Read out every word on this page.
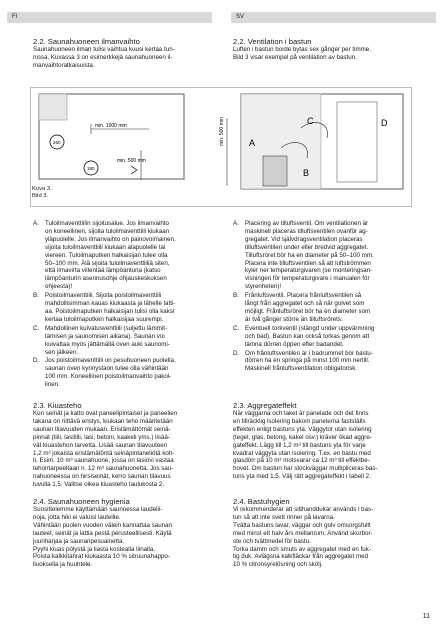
FI	SV

2.2. Saunahuoneen ilmanvaihto

Saunahuoneen ilman tulisi vaihtua kuusi kertaa tun-

nissa. Kuvassa 3 on esimerkkejä saunahuoneen il-

manvaihtoratkaisuista.

2.2. Ventilation i bastun

Luften i bastun borde bytas sex gånger per timme.

Bild 3 visar exempel på ventilation av bastun.

min. 1000 mm
min. 500 mm
260
180
min. 500 mm	A
B
C	D
Kuva 3.
Bild 3.
A. Tuloilmaventtiilin sijoitusalue. Jos ilmanvaihto

on koneellinen, sijoita tuloilmaventtiili kiukaan

yläpuolelle. Jos ilmanvaihto on painovoimainen,

sijoita tuloilmaventtiili kiukaan alapuolelle tai

viereen. Tuloilmaputken halkaisijan tulee olla

50–100 mm. Älä sijoita tuloilmaventtiiliä siten,

että ilmavirta viilentää lämpöanturia (katso

lämpöanturin asennusohje ohjauskeskuksen

ohjeesta)!

B. Poistoilmaventtiili. Sijoita poistoilmaventtiili

mahdollisimman kauas kiukaasta ja lähelle latti-

aa. Poistoilmaputken halkaisijan tulisi olla kaksi

kertaa tuloilmaputken halkaisijaa suurempi.

C. Mahdollinen kuivatusventtiili (suljettu lämmit-

tämisen ja saunomisen aikana). Saunan voi

kuivattaa myös jättämällä oven auki saunomi-

sen jälkeen.

D. Jos poistoilmaventtiili on pesuhuoneen puolella,

saunan oven kynnystaon tulee olla vähintään

100 mm. Koneellinen poistoilmanvaihto pakol-

linen.

A. Placering av tilluftsventil. Om ventilationen är

maskinell placeras tilluftsventilen ovanför ag-

gregatet. Vid självdragsventilation placeras

tilluftsventilen under eller bredvid aggregatet.

Tilluftsröret bör ha en diameter på 50–100 mm.

Placera inte tilluftsventilen så att luftströmmen

kyler ner temperaturgivaren (se monteringsan-

visningen för temperaturgivare i manualen för

styrenheten)!

B. Frånluftsventil. Placera frånluftsventilen så

långt från aggregatet och så när golvet som

möjligt. Frånluftsröret bör ha en diameter som

är två gånger större än tilluftsrörets.

C. Eventuell torkventil (stängd under uppvärmning

och bad). Bastun kan också torkas genom att

lämna dörren öppen efter badandet.

D. Om frånluftsventilen är i badrummet bör bastu-

dörren ha en springa på minst 100 mm nertill.

Maskinell frånluftsventilation obligatorisk.

2.3. Kiuasteho

Kun seinät ja katto ovat paneelipintaiset ja paneelien

takana on riittävä eristys, kiukaan teho määritetään

saunan tilavuuden mukaan. Eristämättömät seinä-

pinnat (tiili, lasitiili, lasi, betoni, kaakeli yms.) lisää-

vät kiuastehon tarvetta. Lisää saunan tilavuuteen

1,2 m³ jokaista eristämätöntä seinäpintaneliötä koh-

ti. Esim. 10 m³ saunahuone, jossa on lasiovi vastaa

tehontarpeeltaan n. 12 m³ saunahuonetta. Jos sau-

nahuoneessa on hirsiseinät, kerro saunan tilavuus

luvulla 1,5. Valitse oikea kiuasteho taulukosta 2.

2.3. Aggregateffekt

När väggarna och taket är panelade och det finns

en tillräcklig isolering bakom panelerna fastställs

effekten enligt bastuns yta. Väggytor utan isolering

(tegel, glas, betong, kakel osv.) kräver ökad aggre-

gateffekt. Lägg till 1,2 m³ till bastuns yta för varje

kvadrat väggyta utan isolering. T.ex. en bastu med

glasdörr på 10 m³ motsvarar ca 12 m³ till effektbe-

hovet. Om bastun har stockväggar multipliceras bas-

tuns yta med 1,5. Välj rätt aggregateffekt i tabell 2.

2.4. Saunahuoneen hygienia

Suosittelemme käyttämään saunoessa laudelii-

noja, jotta hiki ei valuisi lauteille.

Vähintään puolen vuoden välein kannattaa saunan

lauteet, seinät ja lattia pestä perusteellisesti. Käytä

juuriharjaa ja saunanpesuainetta.

Pyyhi kiuas pölystä ja liasta kostealla liinalla.

Poista kalkkitahrat kiukaasta 10 % sitruunahappo-

liuoksella ja huuhtele.

2.4. Bastuhygien

Vi rekommenderar att sitthanddukar används i bas-

tun så att inte svett rinner på lavarna.

Tvätta bastuns lavar, väggar och golv omsorgsfullt

med minst ett halv års mellanrum. Använd skurbor-

ste och tvättmedel för bastu.

Torka damm och smuts av aggregatet med en fuk-

tig duk. Avlägsna kalkfläckar från aggregatet med

10 % citronsyrelösning och skölj.

11
